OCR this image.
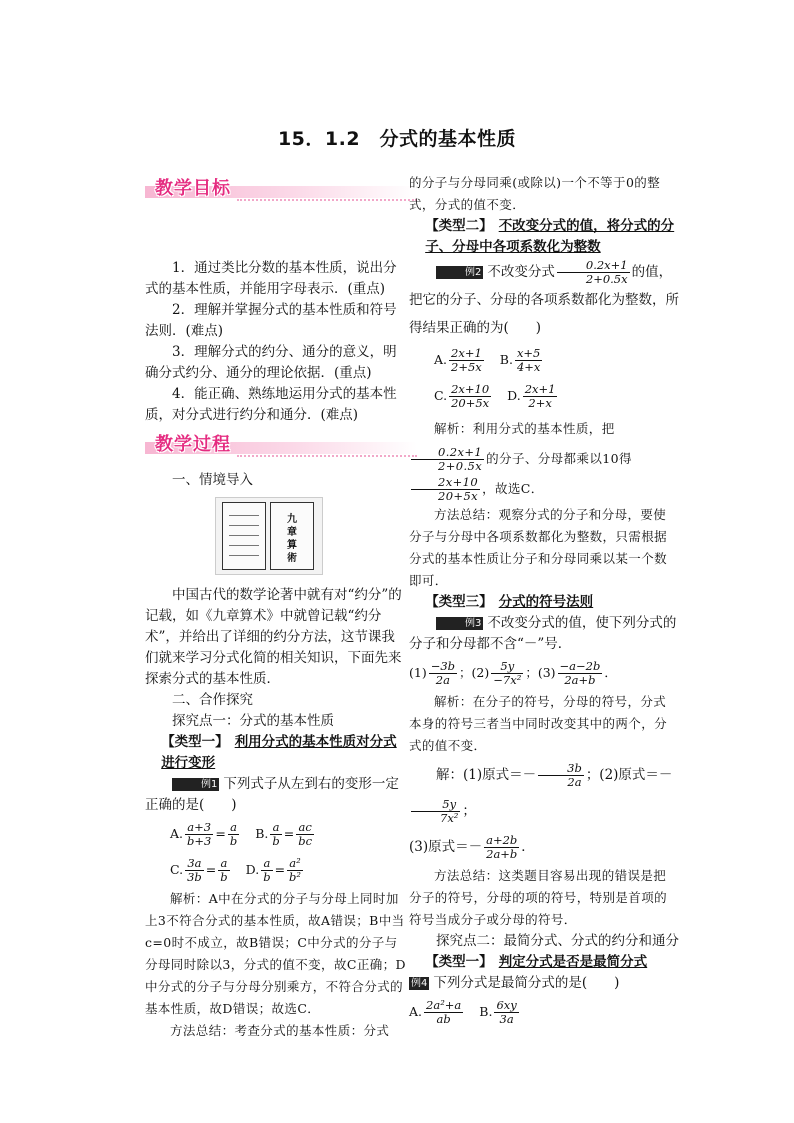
15．1.2　分式的基本性质
教学目标

1．通过类比分数的基本性质，说出分式的基本性质，并能用字母表示．(重点)

2．理解并掌握分式的基本性质和符号法则．(难点)

3．理解分式的约分、通分的意义，明确分式约分、通分的理论依据．(重点)

4．能正确、熟练地运用分式的基本性质，对分式进行约分和通分．(难点)

教学过程

一、情境导入

九章算術

中国古代的数学论著中就有对“约分”的记载，如《九章算术》中就曾记载“约分术”，并给出了详细的约分方法，这节课我们就来学习分式化简的相关知识，下面先来探索分式的基本性质．

二、合作探究

探究点一：分式的基本性质

【类型一】 利用分式的基本性质对分式进行变形

例1 下列式子从左到右的变形一定正确的是(　　)

A. $\frac{a+3}{b+3} = \frac{a}{b} B$. $\frac{a}{b} = \frac{ac}{bc}$
C. $\frac{3a}{3b} = \frac{a}{b} D$. $\frac{a}{b} = \frac{\text{a²}}{\text{b²}}$

解析：A中在分式的分子与分母上同时加上3不符合分式的基本性质，故A错误；B中当 c=0时不成立，故B错误；C中分式的分子与分母同时除以3，分式的值不变，故C正确；D中分式的分子与分母分别乘方，不符合分式的基本性质，故D错误；故选C．

方法总结：考查分式的基本性质：分式

的分子与分母同乘(或除以)一个不等于0的整式，分式的值不变．

【类型二】 不改变分式的值，将分式的分子、分母中各项系数化为整数

例2 不改变分式 $\frac{0.2x+1}{2+0.5x}$ 的值，把它的分子、分母的各项系数都化为整数，所得结果正确的为(　　)

A. $\frac{2x+1}{2+5x} B$. $\frac{x+5}{4+x}$
C. $\frac{2x+10}{20+5x} D$. $\frac{2x+1}{2+x}$

解析：利用分式的基本性质，把
$\frac{0.2x+1}{2+0.5x}$ 的分子、分母都乘以10得
$\frac{2x+10}{20+5x}$ ，故选C．

方法总结：观察分式的分子和分母，要使分子与分母中各项系数都化为整数，只需根据分式的基本性质让分子和分母同乘以某一个数即可．

【类型三】 分式的符号法则

例3 不改变分式的值，使下列分式的分子和分母都不含“－”号．

$(1) \frac{-3b}{2a}$ ；$(2) \frac{5y}{\text{−7x²}}$ ；$(3) \frac{-a-2b}{2a+b}$ ．

解析：在分子的符号，分母的符号，分式本身的符号三者当中同时改变其中的两个，分式的值不变．

解：(1)原式＝－ $\frac{3b}{2a}$ ；(2)原式＝－
$\frac{5y}{\text{7x²}}$ ；

(3)原式＝－ $\frac{a+2b}{2a+b}$ ．

方法总结：这类题目容易出现的错误是把分子的符号，分母的项的符号，特别是首项的符号当成分子或分母的符号．

探究点二：最简分式、分式的约分和通分

【类型一】 判定分式是否是最简分式

例4 下列分式是最简分式的是(　　)

A. $\frac{\text{2a²+a}}{ab} B$. $\frac{6xy}{3a}$
